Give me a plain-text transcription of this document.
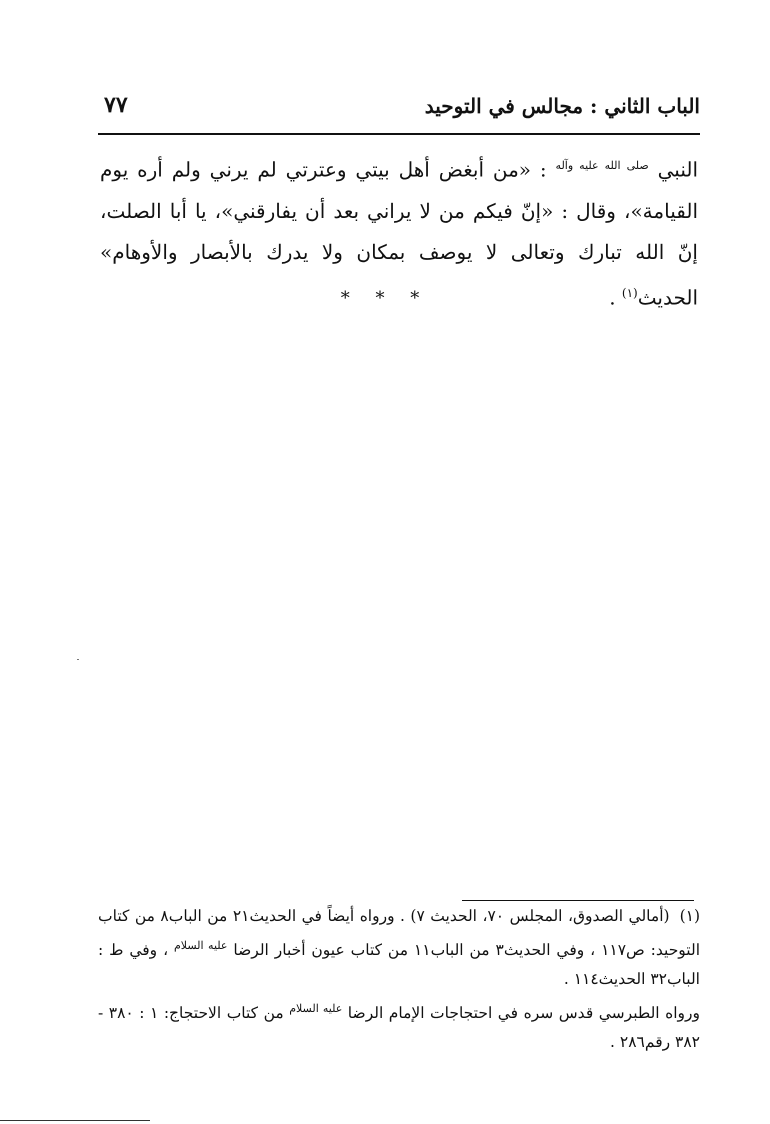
الباب الثاني : مجالس في التوحيد
٧٧

النبي $^{صلى الله عليه وآله}$ : «من أبغض أهل بيتي وعترتي لم يرني ولم أره يوم القيامة»، وقال : «إنّ فيكم من لا يراني بعد أن يفارقني»، يا أبا الصلت، إنّ الله تبارك وتعالى لا يوصف بمكان ولا يدرك بالأبصار والأوهام» الحديث$^{(١)}$ .

* * *

(١)(أمالي الصدوق، المجلس ٧٠، الحديث ٧) . ورواه أيضاً في الحديث٢١ من الباب٨ من كتاب التوحيد: ص١١٧ ، وفي الحديث٣ من الباب١١ من كتاب عيون أخبار الرضا $^{عليه السلام}$ ، وفي ط : الباب٣٢ الحديث١١٤ .
ورواه الطبرسي قدس سره في احتجاجات الإمام الرضا $^{عليه السلام}$ من كتاب الاحتجاج: ١ : ٣٨٠ - ٣٨٢ رقم٢٨٦ .
